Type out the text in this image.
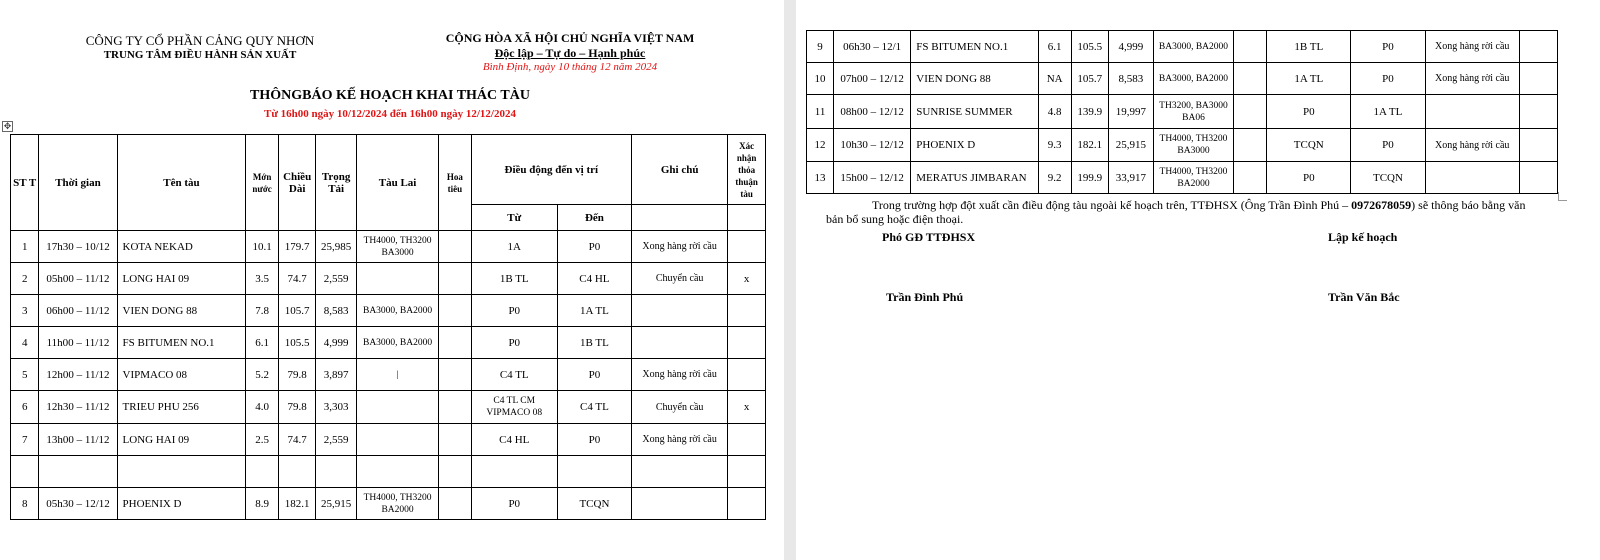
CÔNG TY CỔ PHẦN CẢNG QUY NHƠN
TRUNG TÂM ĐIỀU HÀNH SẢN XUẤT
CỘNG HÒA XÃ HỘI CHỦ NGHĨA VIỆT NAM
Độc lập – Tự do – Hạnh phúc
Bình Định, ngày 10 tháng 12 năm 2024
THÔNGBÁO KẾ HOẠCH KHAI THÁC TÀU
Từ 16h00 ngày 10/12/2024 đến 16h00 ngày 12/12/2024
✥
ST T	Thời gian	Tên tàu	Mớn nước	Chiều Dài	Trọng Tải	Tàu Lai	Hoa tiêu	Điều động đến vị trí		Ghi chú	Xác nhận thỏa thuận tàu
								Từ	Đến		
1	17h30 – 10/12	KOTA NEKAD	10.1	179.7	25,985	TH4000, TH3200 BA3000		1A	P0	Xong hàng rời cầu	
2	05h00 – 11/12	LONG HAI 09	3.5	74.7	2,559			1B TL	C4 HL	Chuyển cầu	x
3	06h00 – 11/12	VIEN DONG 88	7.8	105.7	8,583	BA3000, BA2000		P0	1A TL		
4	11h00 – 11/12	FS BITUMEN NO.1	6.1	105.5	4,999	BA3000, BA2000		P0	1B TL		
5	12h00 – 11/12	VIPMACO 08	5.2	79.8	3,897	|		C4 TL	P0	Xong hàng rời cầu	
6	12h30 – 11/12	TRIEU PHU 256	4.0	79.8	3,303			C4 TL CM VIPMACO 08	C4 TL	Chuyển cầu	x
7	13h00 – 11/12	LONG HAI 09	2.5	74.7	2,559			C4 HL	P0	Xong hàng rời cầu	

8	05h30 – 12/12	PHOENIX D	8.9	182.1	25,915	TH4000, TH3200 BA2000		P0	TCQN		
9	06h30 – 12/1	FS BITUMEN NO.1	6.1	105.5	4,999	BA3000, BA2000		1B TL	P0	Xong hàng rời cầu	
10	07h00 – 12/12	VIEN DONG 88	NA	105.7	8,583	BA3000, BA2000		1A TL	P0	Xong hàng rời cầu	
11	08h00 – 12/12	SUNRISE SUMMER	4.8	139.9	19,997	TH3200, BA3000 BA06		P0	1A TL		
12	10h30 – 12/12	PHOENIX D	9.3	182.1	25,915	TH4000, TH3200 BA3000		TCQN	P0	Xong hàng rời cầu	
13	15h00 – 12/12	MERATUS JIMBARAN	9.2	199.9	33,917	TH4000, TH3200 BA2000		P0	TCQN		
Trong trường hợp đột xuất cần điều động tàu ngoài kế hoạch trên, TTĐHSX (Ông Trần Đình Phú – 0972678059) sẽ thông báo bằng văn bản bổ sung hoặc điện thoại.
Phó GĐ TTĐHSX	Lập kế hoạch
Trần Đình Phú	Trần Văn Bắc
